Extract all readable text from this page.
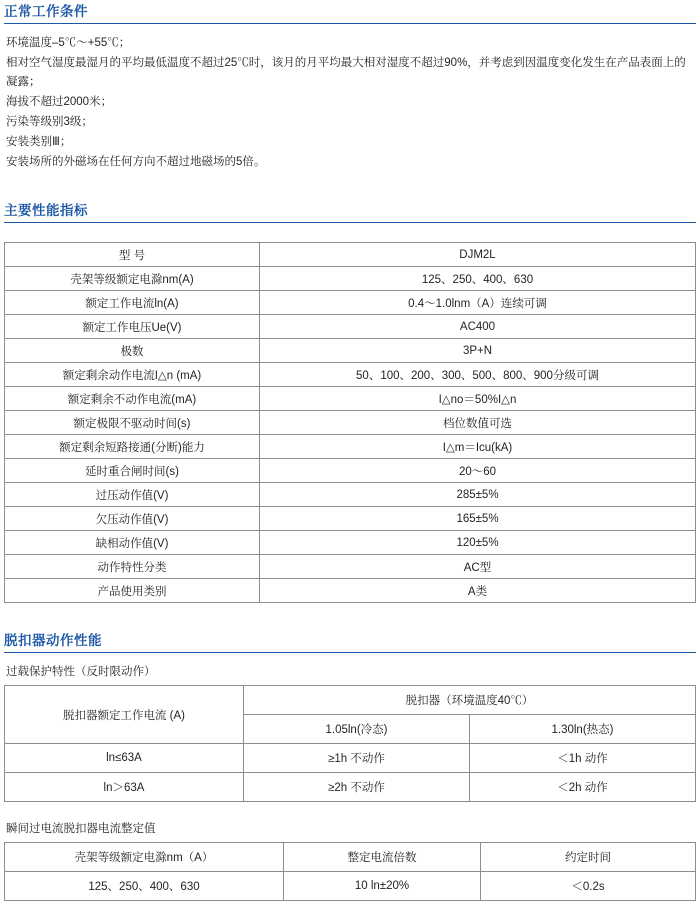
正常工作条件

环境温度–5℃～+55℃；

相对空气湿度最湿月的平均最低温度不超过25℃时，该月的月平均最大相对湿度不超过90%，并考虑到因温度变化发生在产品表面上的凝露；

海拔不超过2000米；

污染等级别3级；

安装类别Ⅲ；

安装场所的外磁场在任何方向不超过地磁场的5倍。

主要性能指标
型 号	DJM2L
壳架等级额定电滁nm(A)	125、250、400、630
额定工作电流ln(A)	0.4～1.0lnm（A）连续可调
额定工作电压Ue(V)	AC400
极数	3P+N
额定剩余动作电流I△n (mA)	50、100、200、300、500、800、900分级可调
额定剩余不动作电流(mA)	I△no＝50%I△n
额定极限不驱动时间(s)	档位数值可选
额定剩余短路接通(分断)能力	I△m＝Icu(kA)
延时重合闸时间(s)	20～60
过压动作值(V)	285±5%
欠压动作值(V)	165±5%
缺相动作值(V)	120±5%
动作特性分类	AC型
产品使用类别	A类
脱扣器动作性能
过载保护特性（反时限动作）
脱扣器额定工作电流 (A)	脱扣器（环境温度40℃）	
	1.05ln(冷态)	1.30ln(热态)
ln≤63A	≥1h 不动作	＜1h 动作
ln＞63A	≥2h 不动作	＜2h 动作
瞬间过电流脱扣器电流整定值
壳架等级额定电滁nm（A）	整定电流倍数	约定时间
125、250、400、630	10 ln±20%	＜0.2s
